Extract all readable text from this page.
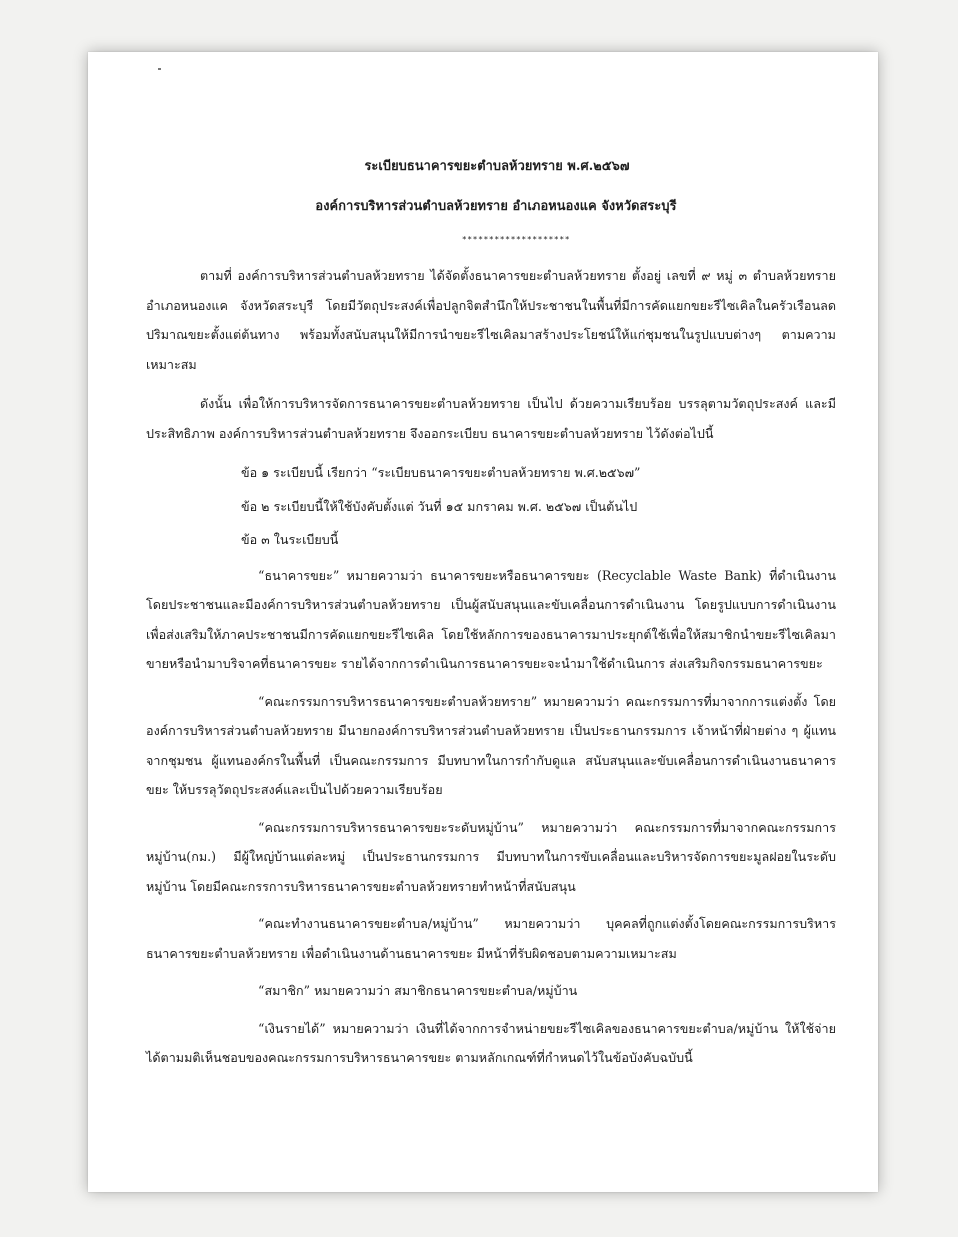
ระเบียบธนาคารขยะตำบลห้วยทราย พ.ศ.๒๕๖๗

องค์การบริหารส่วนตำบลห้วยทราย อำเภอหนองแค จังหวัดสระบุรี

********************

ตามที่ องค์การบริหารส่วนตำบลห้วยทราย ได้จัดตั้งธนาคารขยะตำบลห้วยทราย ตั้งอยู่ เลขที่ ๙ หมู่ ๓ ตำบลห้วยทราย อำเภอหนองแค จังหวัดสระบุรี โดยมีวัตถุประสงค์เพื่อปลูกจิตสำนึกให้ประชาชนในพื้นที่มีการคัดแยกขยะรีไซเคิลในครัวเรือนลดปริมาณขยะตั้งแต่ต้นทาง พร้อมทั้งสนับสนุนให้มีการนำขยะรีไซเคิลมาสร้างประโยชน์ให้แก่ชุมชนในรูปแบบต่างๆ ตามความเหมาะสม

ดังนั้น เพื่อให้การบริหารจัดการธนาคารขยะตำบลห้วยทราย เป็นไป ด้วยความเรียบร้อย บรรลุตามวัตถุประสงค์ และมีประสิทธิภาพ องค์การบริหารส่วนตำบลห้วยทราย จึงออกระเบียบ ธนาคารขยะตำบลห้วยทราย ไว้ดังต่อไปนี้

ข้อ ๑ ระเบียบนี้ เรียกว่า “ระเบียบธนาคารขยะตำบลห้วยทราย พ.ศ.๒๕๖๗”

ข้อ ๒ ระเบียบนี้ให้ใช้บังคับตั้งแต่ วันที่ ๑๕ มกราคม พ.ศ. ๒๕๖๗ เป็นต้นไป

ข้อ ๓ ในระเบียบนี้

“ธนาคารขยะ” หมายความว่า ธนาคารขยะหรือธนาคารขยะ (Recyclable Waste Bank) ที่ดำเนินงานโดยประชาชนและมีองค์การบริหารส่วนตำบลห้วยทราย เป็นผู้สนับสนุนและขับเคลื่อนการดำเนินงาน โดยรูปแบบการดำเนินงานเพื่อส่งเสริมให้ภาคประชาชนมีการคัดแยกขยะรีไซเคิล โดยใช้หลักการของธนาคารมาประยุกต์ใช้เพื่อให้สมาชิกนำขยะรีไซเคิลมาขายหรือนำมาบริจาคที่ธนาคารขยะ รายได้จากการดำเนินการธนาคารขยะจะนำมาใช้ดำเนินการ ส่งเสริมกิจกรรมธนาคารขยะ

“คณะกรรมการบริหารธนาคารขยะตำบลห้วยทราย” หมายความว่า คณะกรรมการที่มาจากการแต่งตั้ง โดย องค์การบริหารส่วนตำบลห้วยทราย มีนายกองค์การบริหารส่วนตำบลห้วยทราย เป็นประธานกรรมการ เจ้าหน้าที่ฝ่ายต่าง ๆ ผู้แทนจากชุมชน ผู้แทนองค์กรในพื้นที่ เป็นคณะกรรมการ มีบทบาทในการกำกับดูแล สนับสนุนและขับเคลื่อนการดำเนินงานธนาคารขยะ ให้บรรลุวัตถุประสงค์และเป็นไปด้วยความเรียบร้อย

“คณะกรรมการบริหารธนาคารขยะระดับหมู่บ้าน” หมายความว่า คณะกรรมการที่มาจากคณะกรรมการหมู่บ้าน(กม.) มีผู้ใหญ่บ้านแต่ละหมู่ เป็นประธานกรรมการ มีบทบาทในการขับเคลื่อนและบริหารจัดการขยะมูลฝอยในระดับหมู่บ้าน โดยมีคณะกรรการบริหารธนาคารขยะตำบลห้วยทรายทำหน้าที่สนับสนุน

“คณะทำงานธนาคารขยะตำบล/หมู่บ้าน” หมายความว่า บุคคลที่ถูกแต่งตั้งโดยคณะกรรมการบริหารธนาคารขยะตำบลห้วยทราย เพื่อดำเนินงานด้านธนาคารขยะ มีหน้าที่รับผิดชอบตามความเหมาะสม

“สมาชิก” หมายความว่า สมาชิกธนาคารขยะตำบล/หมู่บ้าน

“เงินรายได้” หมายความว่า เงินที่ได้จากการจำหน่ายขยะรีไซเคิลของธนาคารขยะตำบล/หมู่บ้าน ให้ใช้จ่ายได้ตามมติเห็นชอบของคณะกรรมการบริหารธนาคารขยะ ตามหลักเกณฑ์ที่กำหนดไว้ในข้อบังคับฉบับนี้
